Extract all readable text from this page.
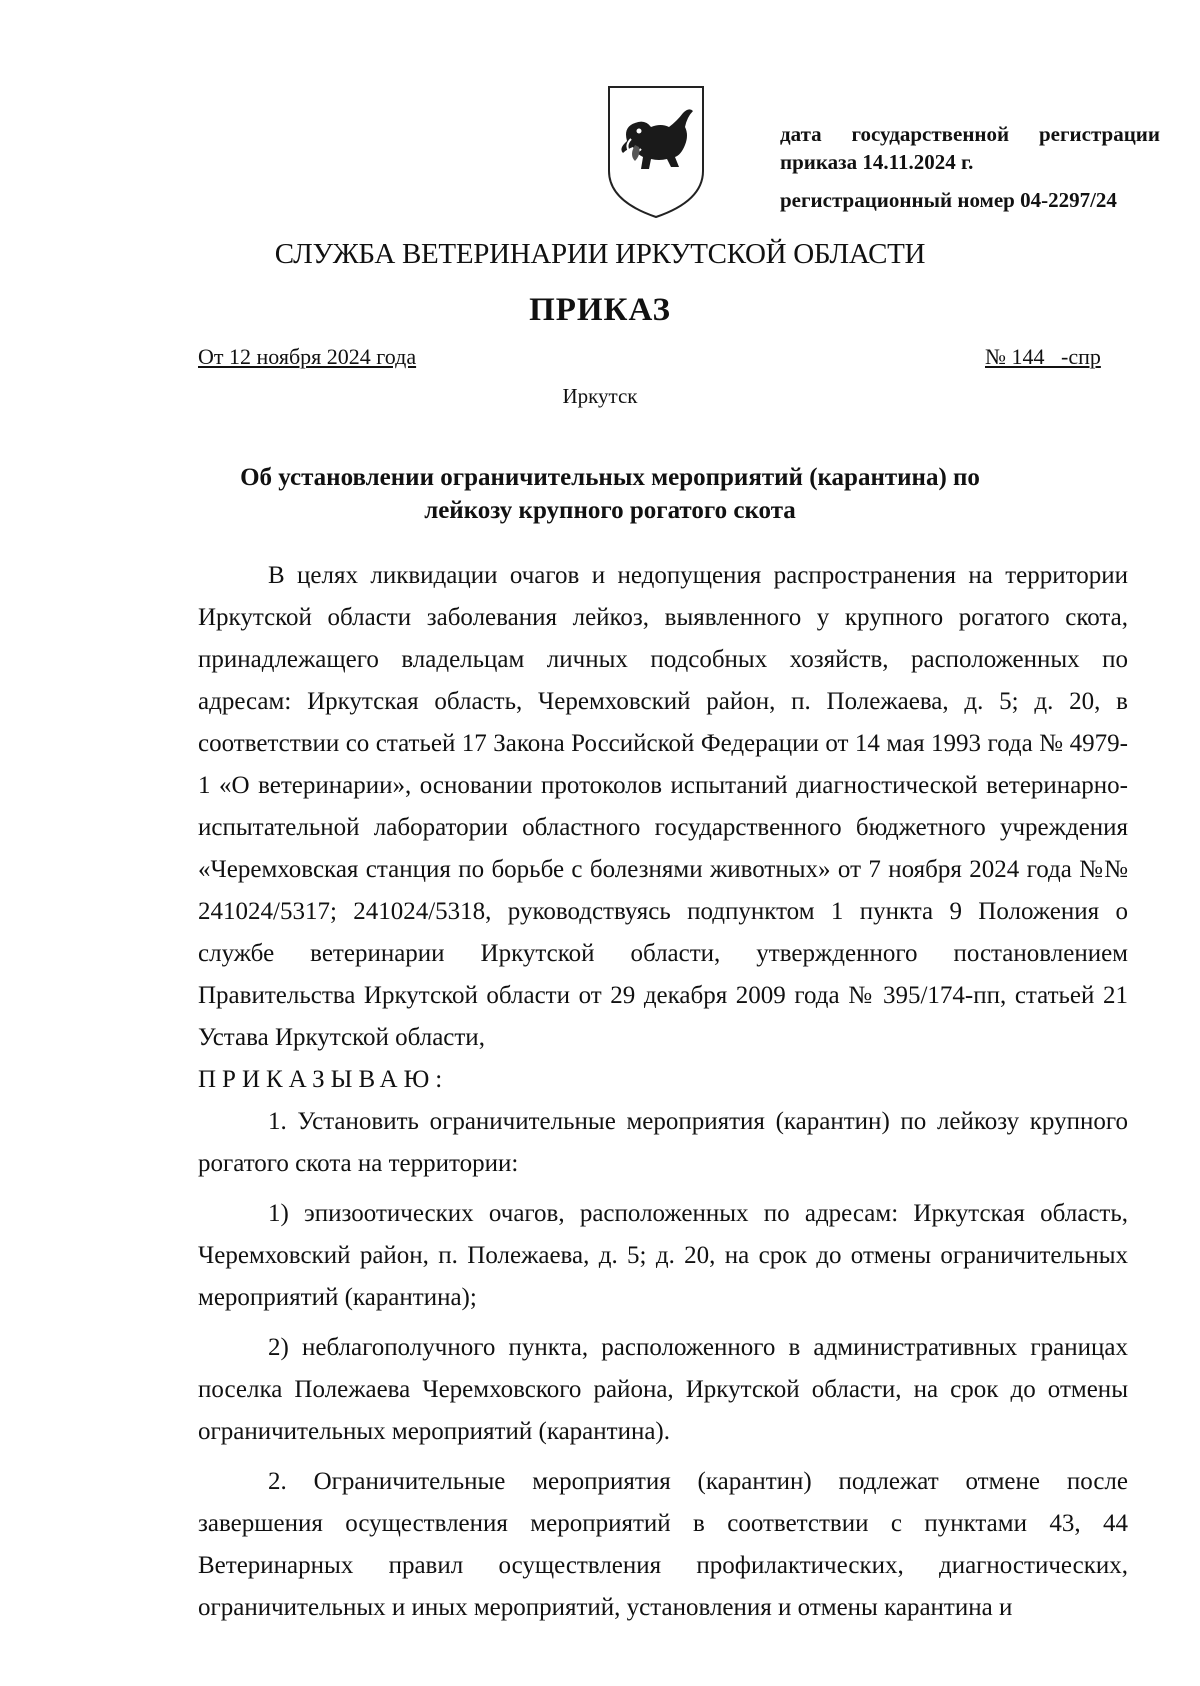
дата государственной регистрации
приказа 14.11.2024 г.
регистрационный номер 04-2297/24
СЛУЖБА ВЕТЕРИНАРИИ ИРКУТСКОЙ ОБЛАСТИ
ПРИКАЗ
От 12 ноября 2024 года	№ 144   -спр
Иркутск
Об установлении ограничительных мероприятий (карантина) по
лейкозу крупного рогатого скота

В целях ликвидации очагов и недопущения распространения на территории Иркутской области заболевания лейкоз, выявленного у крупного рогатого скота, принадлежащего владельцам личных подсобных хозяйств, расположенных по адресам: Иркутская область, Черемховский район, п. Полежаева, д. 5; д. 20, в соответствии со статьей 17 Закона Российской Федерации от 14 мая 1993 года № 4979-1 «О ветеринарии», основании протоколов испытаний диагностической ветеринарно-испытательной лаборатории областного государственного бюджетного учреждения «Черемховская станция по борьбе с болезнями животных» от 7 ноября 2024 года №№ 241024/5317; 241024/5318, руководствуясь подпунктом 1 пункта 9 Положения о службе ветеринарии Иркутской области, утвержденного постановлением Правительства Иркутской области от 29 декабря 2009 года № 395/174-пп, статьей 21 Устава Иркутской области,

ПРИКАЗЫВАЮ:

1. Установить ограничительные мероприятия (карантин) по лейкозу крупного рогатого скота на территории:

1) эпизоотических очагов, расположенных по адресам: Иркутская область, Черемховский район, п. Полежаева, д. 5; д. 20, на срок до отмены ограничительных мероприятий (карантина);

2) неблагополучного пункта, расположенного в административных границах поселка Полежаева Черемховского района, Иркутской области, на срок до отмены ограничительных мероприятий (карантина).

2. Ограничительные мероприятия (карантин) подлежат отмене после завершения осуществления мероприятий в соответствии с пунктами 43, 44 Ветеринарных правил осуществления профилактических, диагностических, ограничительных и иных мероприятий, установления и отмены карантина и
